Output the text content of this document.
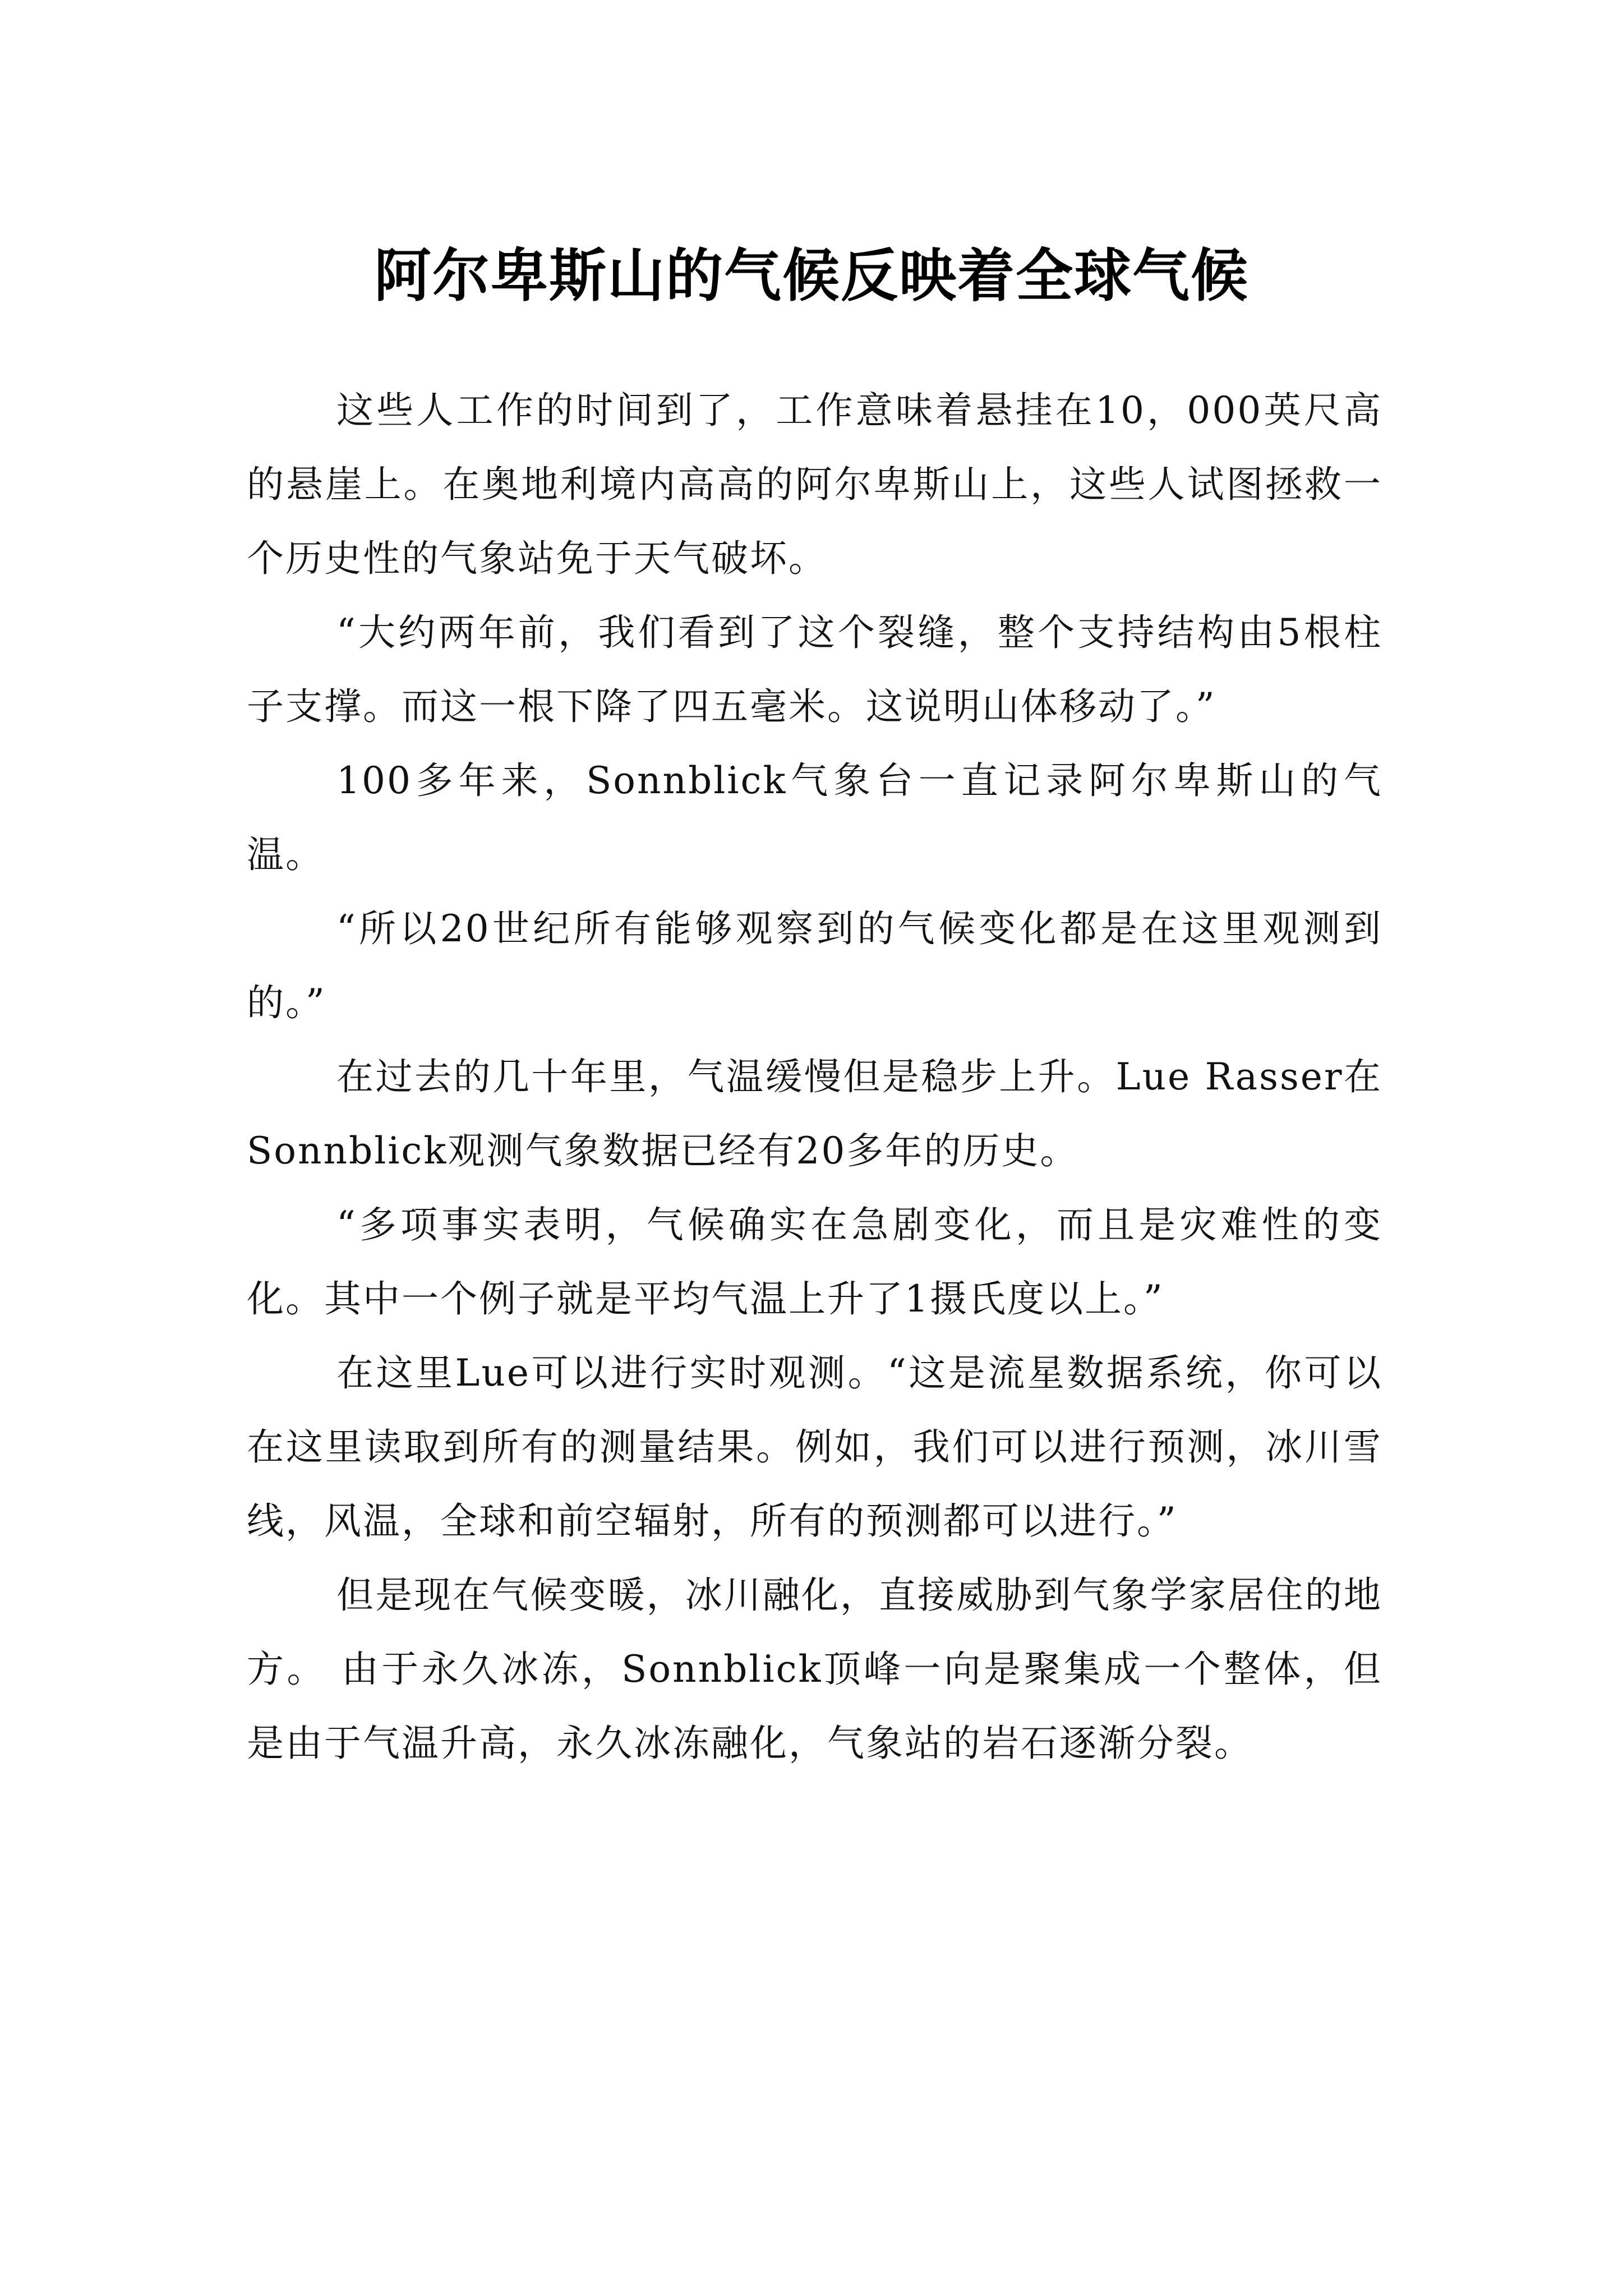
阿尔卑斯山的气候反映着全球气候

这些人工作的时间到了，工作意味着悬挂在10，000英尺高的悬崖上。在奥地利境内高高的阿尔卑斯山上，这些人试图拯救一个历史性的气象站免于天气破坏。

“大约两年前，我们看到了这个裂缝，整个支持结构由5根柱子支撑。而这一根下降了四五毫米。这说明山体移动了。”

100多年来，Sonnblick气象台一直记录阿尔卑斯山的气温。

“所以20世纪所有能够观察到的气候变化都是在这里观测到的。”

在过去的几十年里，气温缓慢但是稳步上升。Lue Rasser在Sonnblick观测气象数据已经有20多年的历史。

“多项事实表明，气候确实在急剧变化，而且是灾难性的变化。其中一个例子就是平均气温上升了1摄氏度以上。”

在这里Lue可以进行实时观测。“这是流星数据系统，你可以在这里读取到所有的测量结果。例如，我们可以进行预测，冰川雪线，风温，全球和前空辐射，所有的预测都可以进行。”

但是现在气候变暖，冰川融化，直接威胁到气象学家居住的地方。 由于永久冰冻，Sonnblick顶峰一向是聚集成一个整体，但是由于气温升高，永久冰冻融化，气象站的岩石逐渐分裂。
